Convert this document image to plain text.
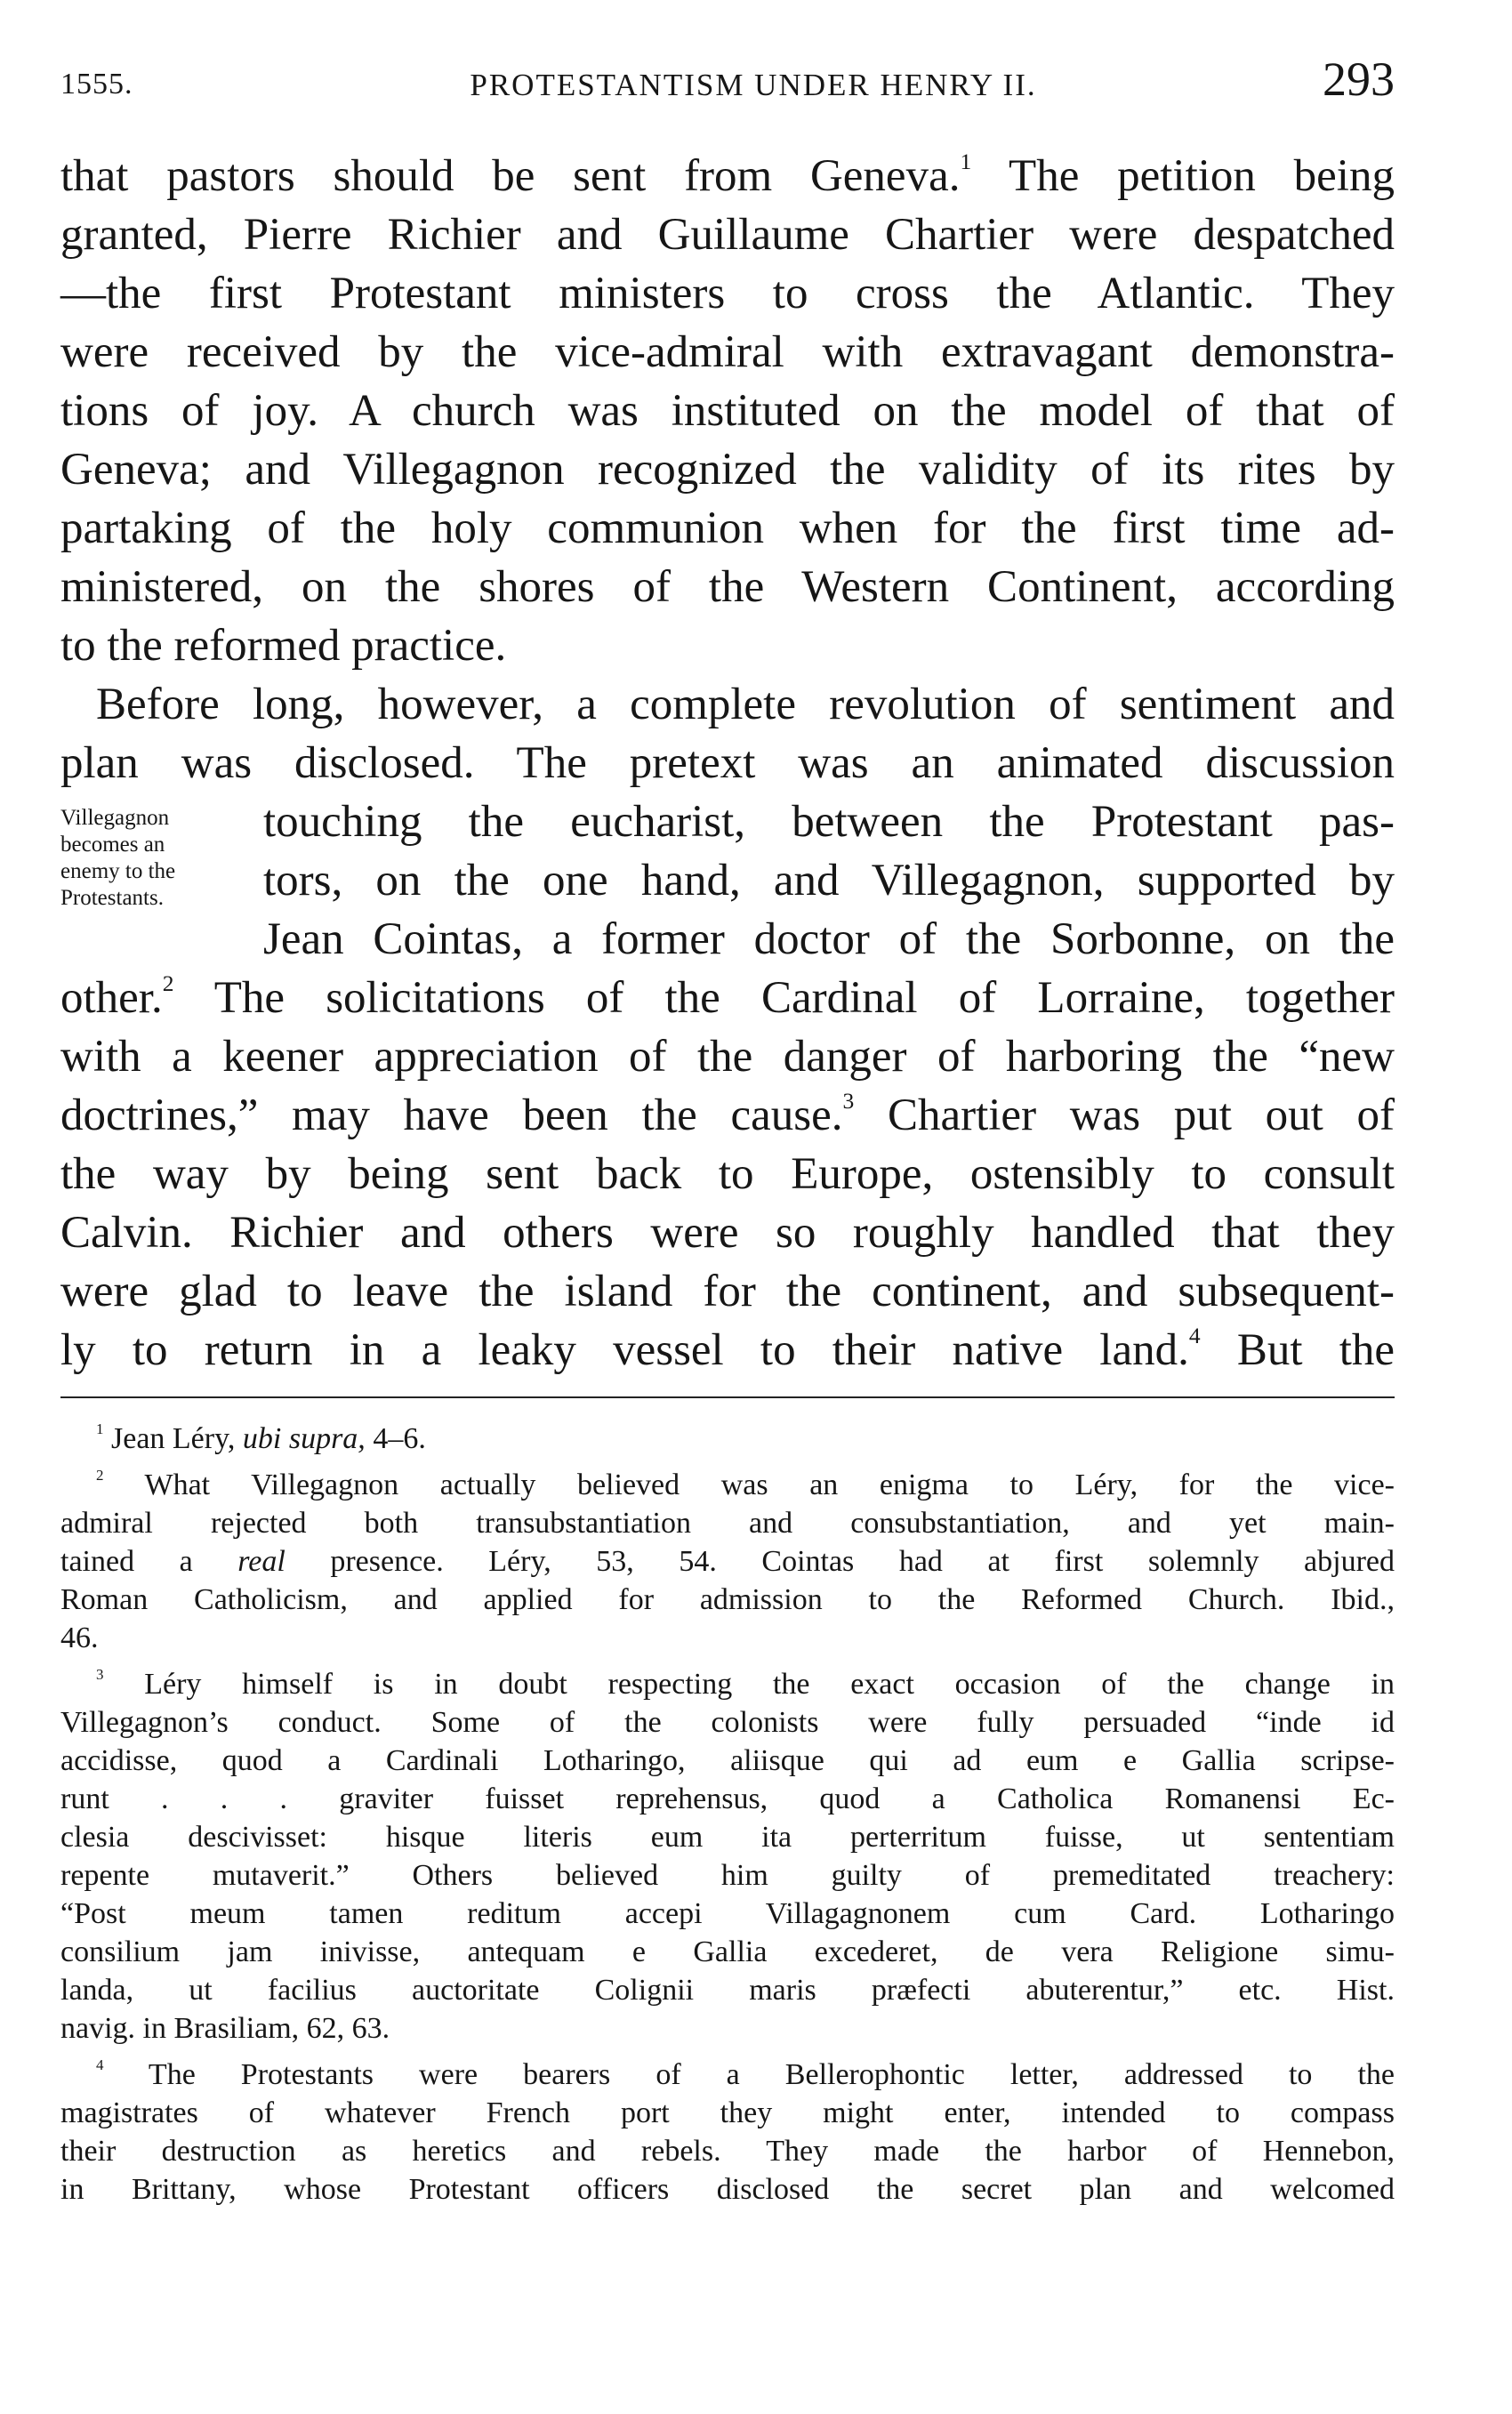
1555.	PROTESTANTISM UNDER HENRY II.	293
that pastors should be sent from Geneva.$^1$ The petition being
granted, Pierre Richier and Guillaume Chartier were despatched
—the first Protestant ministers to cross the Atlantic. They
were received by the vice-admiral with extravagant demonstra-
tions of joy. A church was instituted on the model of that of
Geneva; and Villegagnon recognized the validity of its rites by
partaking of the holy communion when for the first time ad-
ministered, on the shores of the Western Continent, according
to the reformed practice.
Before long, however, a complete revolution of sentiment and
plan was disclosed. The pretext was an animated discussion
touching the eucharist, between the Protestant pas-
tors, on the one hand, and Villegagnon, supported by
Jean Cointas, a former doctor of the Sorbonne, on the
other.$^2$ The solicitations of the Cardinal of Lorraine, together
with a keener appreciation of the danger of harboring the “new
doctrines,” may have been the cause.$^3$ Chartier was put out of
the way by being sent back to Europe, ostensibly to consult
Calvin. Richier and others were so roughly handled that they
were glad to leave the island for the continent, and subsequent-
ly to return in a leaky vessel to their native land.$^4$ But the
Villegagnon
becomes an
enemy to the
Protestants.
$^1$ Jean Léry, ubi supra, 4–6.
$^2$ What Villegagnon actually believed was an enigma to Léry, for the vice-
admiral rejected both transubstantiation and consubstantiation, and yet main-
tained a real presence. Léry, 53, 54. Cointas had at first solemnly abjured
Roman Catholicism, and applied for admission to the Reformed Church. Ibid.,
46.
$^3$ Léry himself is in doubt respecting the exact occasion of the change in
Villegagnon’s conduct. Some of the colonists were fully persuaded “inde id
accidisse, quod a Cardinali Lotharingo, aliisque qui ad eum e Gallia scripse-
runt . . . graviter fuisset reprehensus, quod a Catholica Romanensi Ec-
clesia descivisset: hisque literis eum ita perterritum fuisse, ut sententiam
repente mutaverit.” Others believed him guilty of premeditated treachery:
“Post meum tamen reditum accepi Villagagnonem cum Card. Lotharingo
consilium jam inivisse, antequam e Gallia excederet, de vera Religione simu-
landa, ut facilius auctoritate Colignii maris præfecti abuterentur,” etc. Hist.
navig. in Brasiliam, 62, 63.
$^4$ The Protestants were bearers of a Bellerophontic letter, addressed to the
magistrates of whatever French port they might enter, intended to compass
their destruction as heretics and rebels. They made the harbor of Hennebon,
in Brittany, whose Protestant officers disclosed the secret plan and welcomed
